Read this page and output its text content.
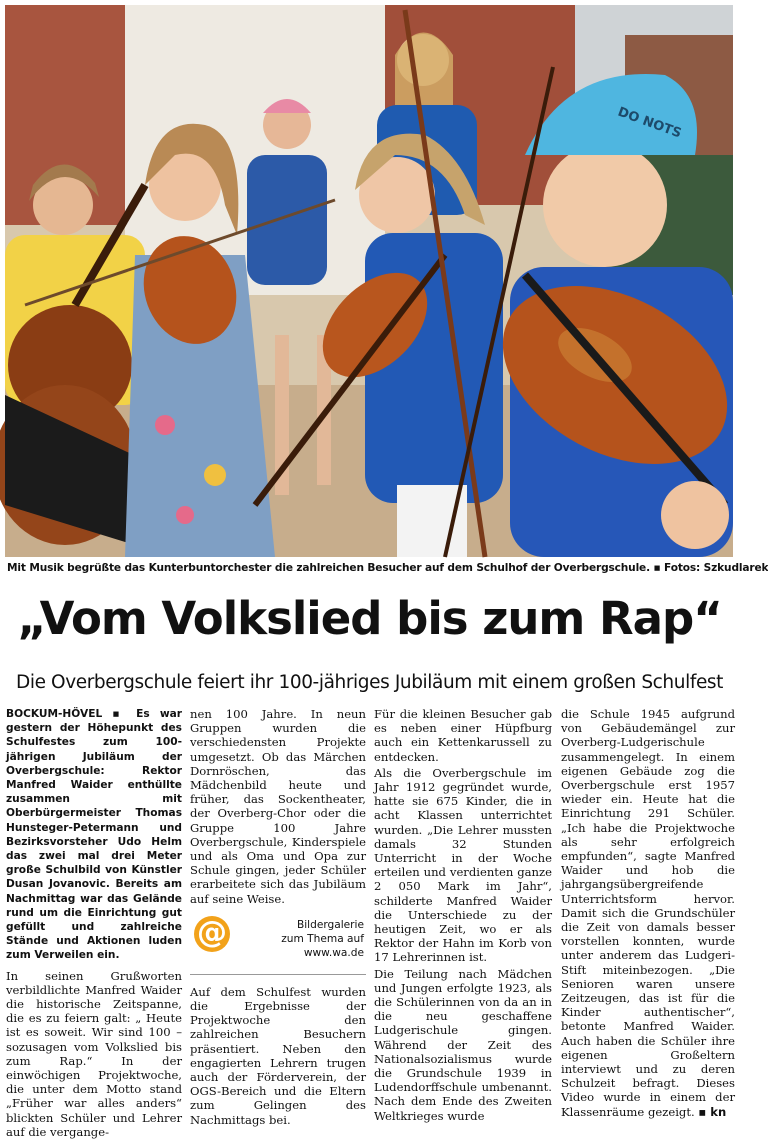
DO NOTS
Mit Musik begrüßte das Kunterbuntorchester die zahlreichen Besucher auf dem Schulhof der Overbergschule. ▪ Fotos: Szkudlarek
„Vom Volkslied bis zum Rap“
Die Overbergschule feiert ihr 100-jähriges Jubiläum mit einem großen Schulfest

BOCKUM-HÖVEL ▪ Es war gestern der Höhepunkt des Schulfestes zum 100-jährigen Jubiläum der Overbergschule: Rektor Manfred Waider enthüllte zusammen mit Oberbürgermeister Thomas Hunsteger-Petermann und Bezirksvorsteher Udo Helm das zwei mal drei Meter große Schulbild von Künstler Dusan Jovanovic. Bereits am Nachmittag war das Gelände rund um die Einrichtung gut gefüllt und zahlreiche Stände und Aktionen luden zum Verweilen ein.

In seinen Grußworten verbildlichte Manfred Waider die historische Zeitspanne, die es zu feiern galt: „ Heute ist es soweit. Wir sind 100 – sozusagen vom Volkslied bis zum Rap.“ In der einwöchigen Projektwoche, die unter dem Motto stand „Früher war alles anders“ blickten Schüler und Lehrer auf die vergange-

nen 100 Jahre. In neun Gruppen wurden die verschiedensten Projekte umgesetzt. Ob das Märchen Dornröschen, das Mädchenbild heute und früher, das Sockentheater, der Overberg-Chor oder die Gruppe 100 Jahre Overbergschule, Kinderspiele und als Oma und Opa zur Schule gingen, jeder Schüler erarbeitete sich das Jubiläum auf seine Weise.

@	Bildergalerie
zum Thema auf
www.wa.de

Auf dem Schulfest wurden die Ergebnisse der Projektwoche den zahlreichen Besuchern präsentiert. Neben den engagierten Lehrern trugen auch der Förderverein, der OGS-Bereich und die Eltern zum Gelingen des Nachmittags bei.

Für die kleinen Besucher gab es neben einer Hüpfburg auch ein Kettenkarussell zu entdecken.

Als die Overbergschule im Jahr 1912 gegründet wurde, hatte sie 675 Kinder, die in acht Klassen unterrichtet wurden. „Die Lehrer mussten damals 32 Stunden Unterricht in der Woche erteilen und verdienten ganze 2 050 Mark im Jahr“, schilderte Manfred Waider die Unterschiede zu der heutigen Zeit, wo er als Rektor der Hahn im Korb von 17 Lehrerinnen ist.

Die Teilung nach Mädchen und Jungen erfolgte 1923, als die Schülerinnen von da an in die neu geschaffene Ludgerischule gingen. Während der Zeit des Nationalsozialismus wurde die Grundschule 1939 in Ludendorffschule umbenannt. Nach dem Ende des Zweiten Weltkrieges wurde

die Schule 1945 aufgrund von Gebäudemängel zur Overberg-Ludgerischule zusammengelegt. In einem eigenen Gebäude zog die Overbergschule erst 1957 wieder ein. Heute hat die Einrichtung 291 Schüler. „Ich habe die Projektwoche als sehr erfolgreich empfunden“, sagte Manfred Waider und hob die jahrgangsübergreifende Unterrichtsform hervor. Damit sich die Grundschüler die Zeit von damals besser vorstellen konnten, wurde unter anderem das Ludgeri-Stift miteinbezogen. „Die Senioren waren unsere Zeitzeugen, das ist für die Kinder authentischer“, betonte Manfred Waider. Auch haben die Schüler ihre eigenen Großeltern interviewt und zu deren Schulzeit befragt. Dieses Video wurde in einem der Klassenräume gezeigt. ▪ kn
